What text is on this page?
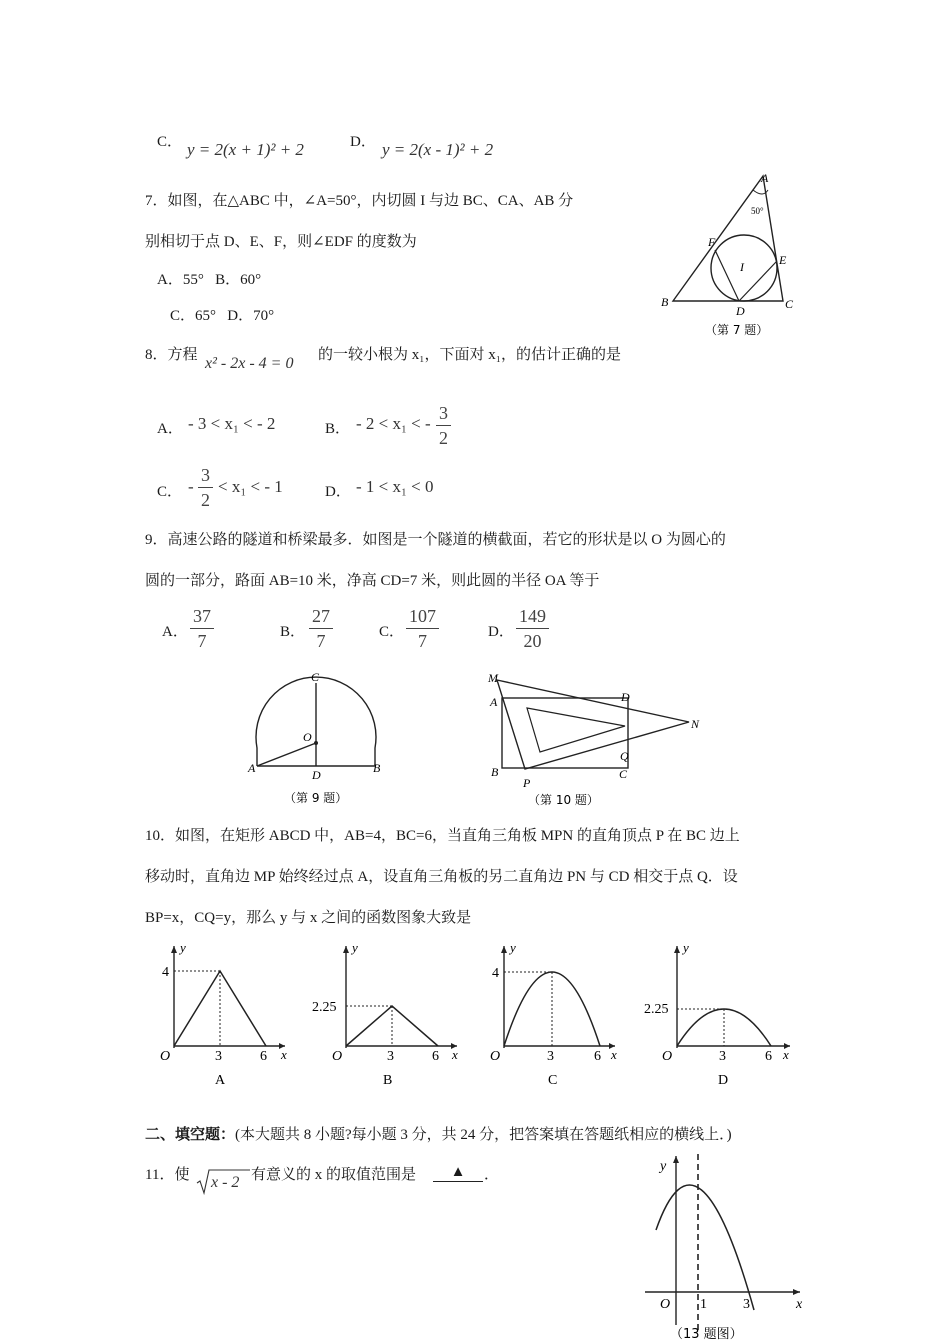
C． y = 2(x + 1)² + 2	D． y = 2(x - 1)² + 2
7．如图，在△ABC 中，∠A=50°，内切圆 I 与边 BC、CA、AB 分
别相切于点 D、E、F，则∠EDF 的度数为
A．55°   B．60°
C．65°   D．70°
A
50°
B	C
D
E
F
I
（第 7 题）
8．方程 x² - 2x - 4 = 0 的一较小根为 x₁，下面对 x₁，的估计正确的是
A． - 3 < x₁ < - 2	B． - 2 < x₁ < - $\frac{3}{2}$
C． - $\frac{3}{2} < x_1$ < - 1	D． - 1 < x₁ < 0
9．高速公路的隧道和桥梁最多．如图是一个隧道的横截面，若它的形状是以 O 为圆心的
圆的一部分，路面 AB=10 米，净高 CD=7 米，则此圆的半径 OA 等于
A． $\frac{37}{7}$	B． $\frac{27}{7}$	C． $\frac{107}{7}$	D． $\frac{149}{20}$
C
O
A	B
D
（第 9 题）
M
A	D
N
Q
B
P
C
（第 10 题）
10．如图，在矩形 ABCD 中，AB=4，BC=6，当直角三角板 MPN 的直角顶点 P 在 BC 边上
移动时，直角边 MP 始终经过点 A，设直角三角板的另二直角边 PN 与 CD 相交于点 Q．设
BP=x，CQ=y，那么 y 与 x 之间的函数图象大致是
y
4
O	3	6 x
A
y
2.25
O	3	6 x
B
y
4
O	3	6 x
C
y
2.25
O	3	6 x
D
二、填空题：(本大题共 8 小题?每小题 3 分，共 24 分，把答案填在答题纸相应的横线上．)
11．使 x - 2 有意义的 x 的取值范围是	▲	．
y
x
O 1	3
（13 题图）
